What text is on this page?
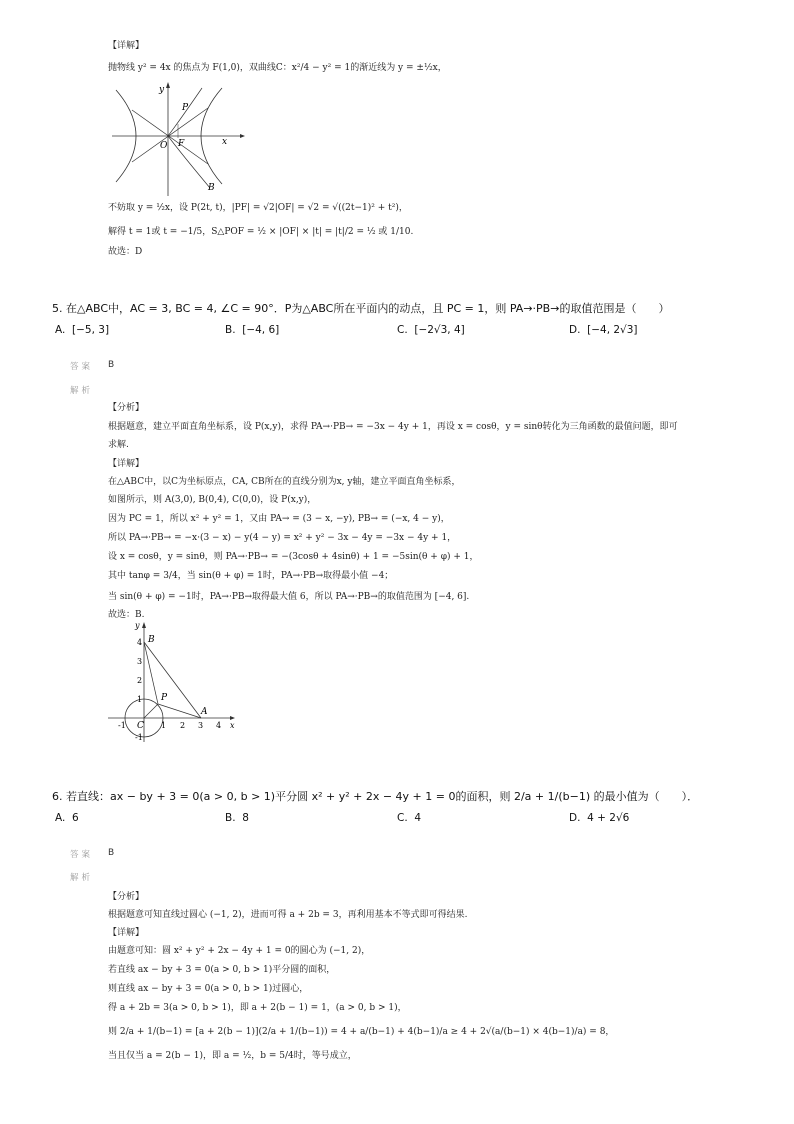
【详解】
抛物线 y² = 4x 的焦点为 F(1,0)，双曲线C：x²/4 − y² = 1的渐近线为 y = ±½x，
y
P
O F	x
B
不妨取 y = ½x，设 P(2t, t)，|PF| = √2|OF| = √2 = √((2t−1)² + t²)，
解得 t = 1或 t = −1/5，S△POF = ½ × |OF| × |t| = |t|/2 = ½ 或 1/10.
故选：D
5. 在△ABC中，AC = 3, BC = 4, ∠C = 90°．P为△ABC所在平面内的动点，且 PC = 1，则 PA→·PB→的取值范围是（　　）
A. [−5, 3]	B. [−4, 6]	C. [−2√3, 4]	D. [−4, 2√3]
答案 B
解析
【分析】
根据题意，建立平面直角坐标系，设 P(x,y)，求得 PA→·PB→ = −3x − 4y + 1，再设 x = cosθ，y = sinθ转化为三角函数的最值问题，即可
求解.
【详解】
在△ABC中，以C为坐标原点，CA, CB所在的直线分别为x, y轴，建立平面直角坐标系，
如图所示，则 A(3,0), B(0,4), C(0,0)，设 P(x,y)，
因为 PC = 1，所以 x² + y² = 1，又由 PA→ = (3 − x, −y), PB→ = (−x, 4 − y)，
所以 PA→·PB→ = −x·(3 − x) − y(4 − y) = x² + y² − 3x − 4y = −3x − 4y + 1，
设 x = cosθ，y = sinθ，则 PA→·PB→ = −(3cosθ + 4sinθ) + 1 = −5sin(θ + φ) + 1，
其中 tanφ = 3/4，当 sin(θ + φ) = 1时，PA→·PB→取得最小值 −4；
当 sin(θ + φ) = −1时，PA→·PB→取得最大值 6，所以 PA→·PB→的取值范围为 [−4, 6].
故选：B.
y
x
4
3
2
1
-1
-1	1 2 3 4
B
P
C
A
6. 若直线：ax − by + 3 = 0(a > 0, b > 1)平分圆 x² + y² + 2x − 4y + 1 = 0的面积，则 2/a + 1/(b−1) 的最小值为（　　）．
A. 6	B. 8	C. 4	D. 4 + 2√6
答案 B
解析
【分析】
根据题意可知直线过圆心 (−1, 2)，进而可得 a + 2b = 3，再利用基本不等式即可得结果.
【详解】
由题意可知：圆 x² + y² + 2x − 4y + 1 = 0的圆心为 (−1, 2)，
若直线 ax − by + 3 = 0(a > 0, b > 1)平分圆的面积，
则直线 ax − by + 3 = 0(a > 0, b > 1)过圆心，
得 a + 2b = 3(a > 0, b > 1)，即 a + 2(b − 1) = 1，(a > 0, b > 1)，
则 2/a + 1/(b−1) = [a + 2(b − 1)](2/a + 1/(b−1)) = 4 + a/(b−1) + 4(b−1)/a ≥ 4 + 2√(a/(b−1) × 4(b−1)/a) = 8，
当且仅当 a = 2(b − 1)，即 a = ½，b = 5/4时，等号成立，
